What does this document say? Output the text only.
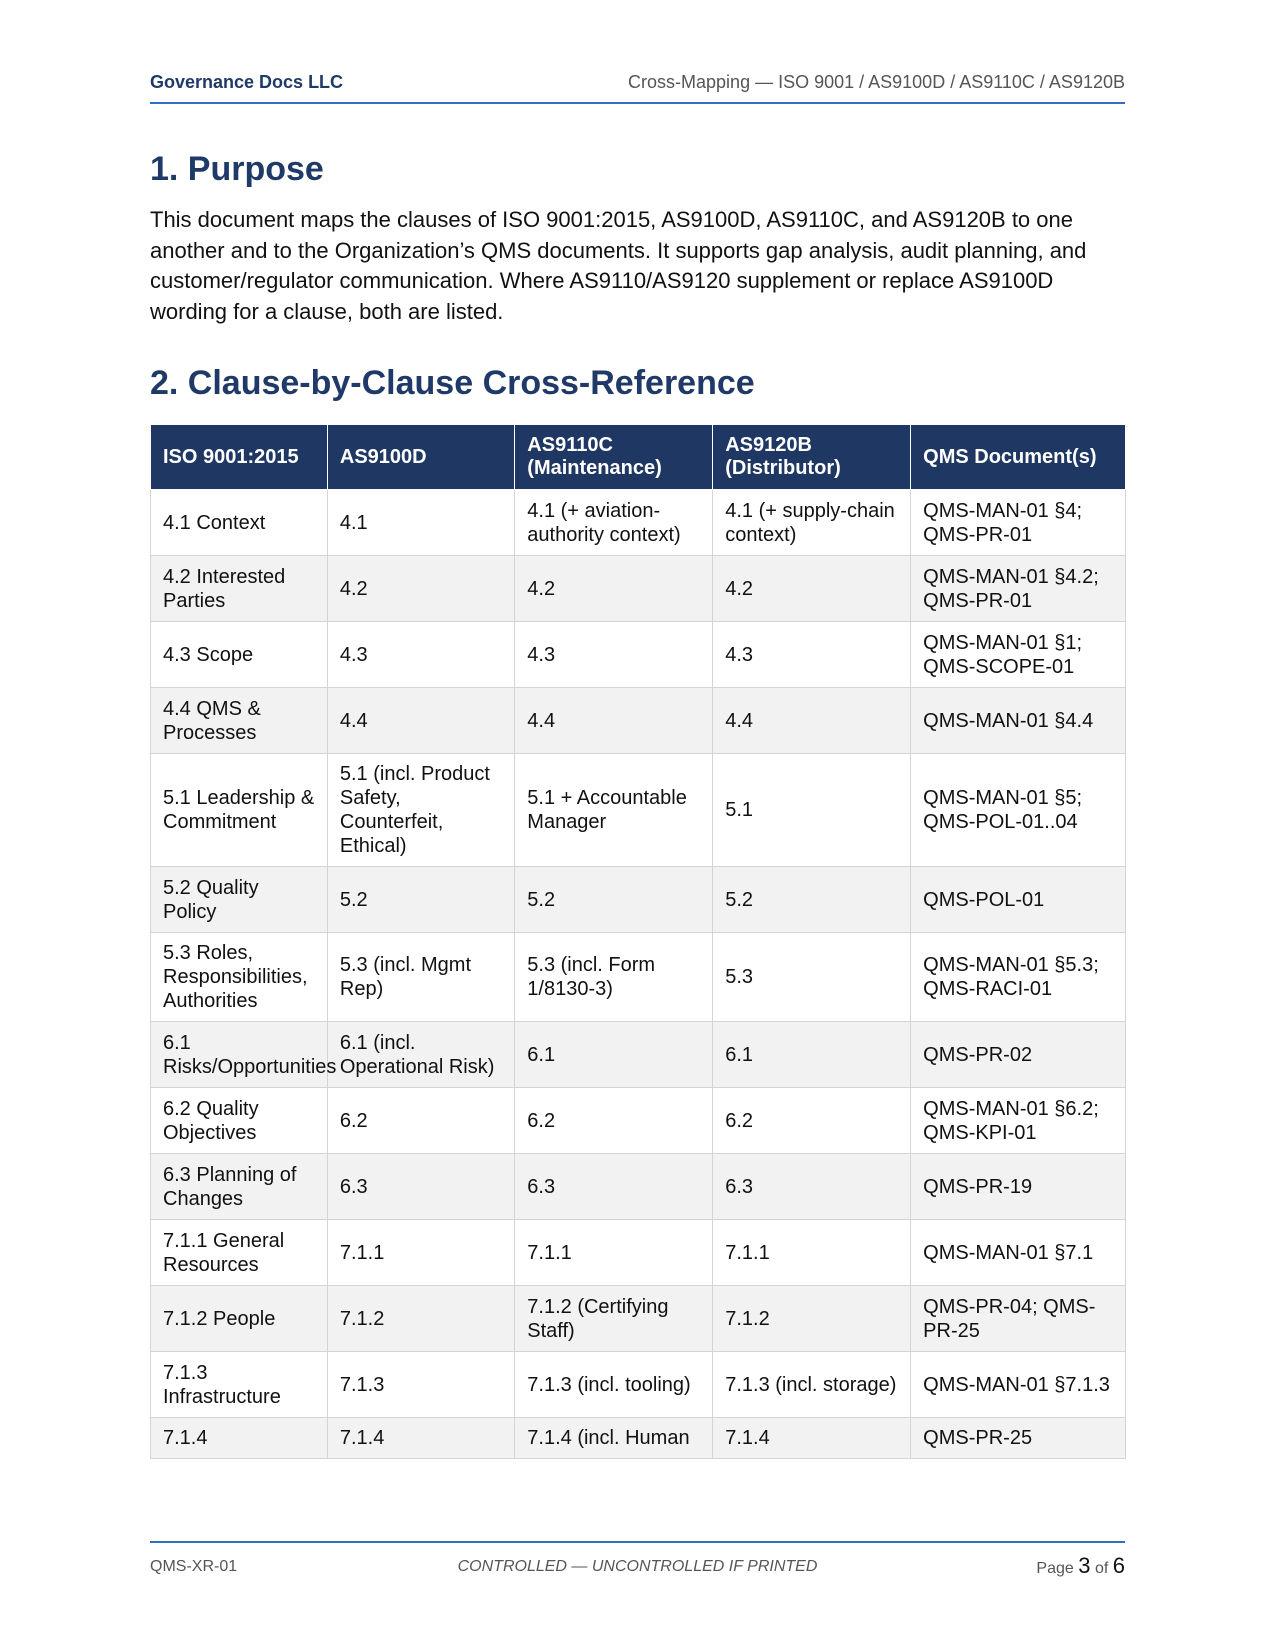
Governance Docs LLC	Cross-Mapping — ISO 9001 / AS9100D / AS9110C / AS9120B
1. Purpose

This document maps the clauses of ISO 9001:2015, AS9100D, AS9110C, and AS9120B to one another and to the Organization’s QMS documents. It supports gap analysis, audit planning, and customer/regulator communication. Where AS9110/AS9120 supplement or replace AS9100D wording for a clause, both are listed.

2. Clause-by-Clause Cross-Reference
ISO 9001:2015	AS9100D	AS9110C (Maintenance)	AS9120B (Distributor)	QMS Document(s)
4.1 Context	4.1	4.1 (+ aviation-authority context)	4.1 (+ supply-chain context)	QMS-MAN-01 §4; QMS-PR-01
4.2 Interested Parties	4.2	4.2	4.2	QMS-MAN-01 §4.2; QMS-PR-01
4.3 Scope	4.3	4.3	4.3	QMS-MAN-01 §1; QMS-SCOPE-01
4.4 QMS & Processes	4.4	4.4	4.4	QMS-MAN-01 §4.4
5.1 Leadership & Commitment	5.1 (incl. Product Safety, Counterfeit, Ethical)	5.1 + Accountable Manager	5.1	QMS-MAN-01 §5; QMS-POL-01..04
5.2 Quality Policy	5.2	5.2	5.2	QMS-POL-01
5.3 Roles, Responsibilities, Authorities	5.3 (incl. Mgmt Rep)	5.3 (incl. Form 1/8130-3)	5.3	QMS-MAN-01 §5.3; QMS-RACI-01
6.1 Risks/Opportunities	6.1 (incl. Operational Risk)	6.1	6.1	QMS-PR-02
6.2 Quality Objectives	6.2	6.2	6.2	QMS-MAN-01 §6.2; QMS-KPI-01
6.3 Planning of Changes	6.3	6.3	6.3	QMS-PR-19
7.1.1 General Resources	7.1.1	7.1.1	7.1.1	QMS-MAN-01 §7.1
7.1.2 People	7.1.2	7.1.2 (Certifying Staff)	7.1.2	QMS-PR-04; QMS-PR-25
7.1.3 Infrastructure	7.1.3	7.1.3 (incl. tooling)	7.1.3 (incl. storage)	QMS-MAN-01 §7.1.3
7.1.4	7.1.4	7.1.4 (incl. Human	7.1.4	QMS-PR-25
QMS-XR-01	CONTROLLED — UNCONTROLLED IF PRINTED	Page 3 of 6
